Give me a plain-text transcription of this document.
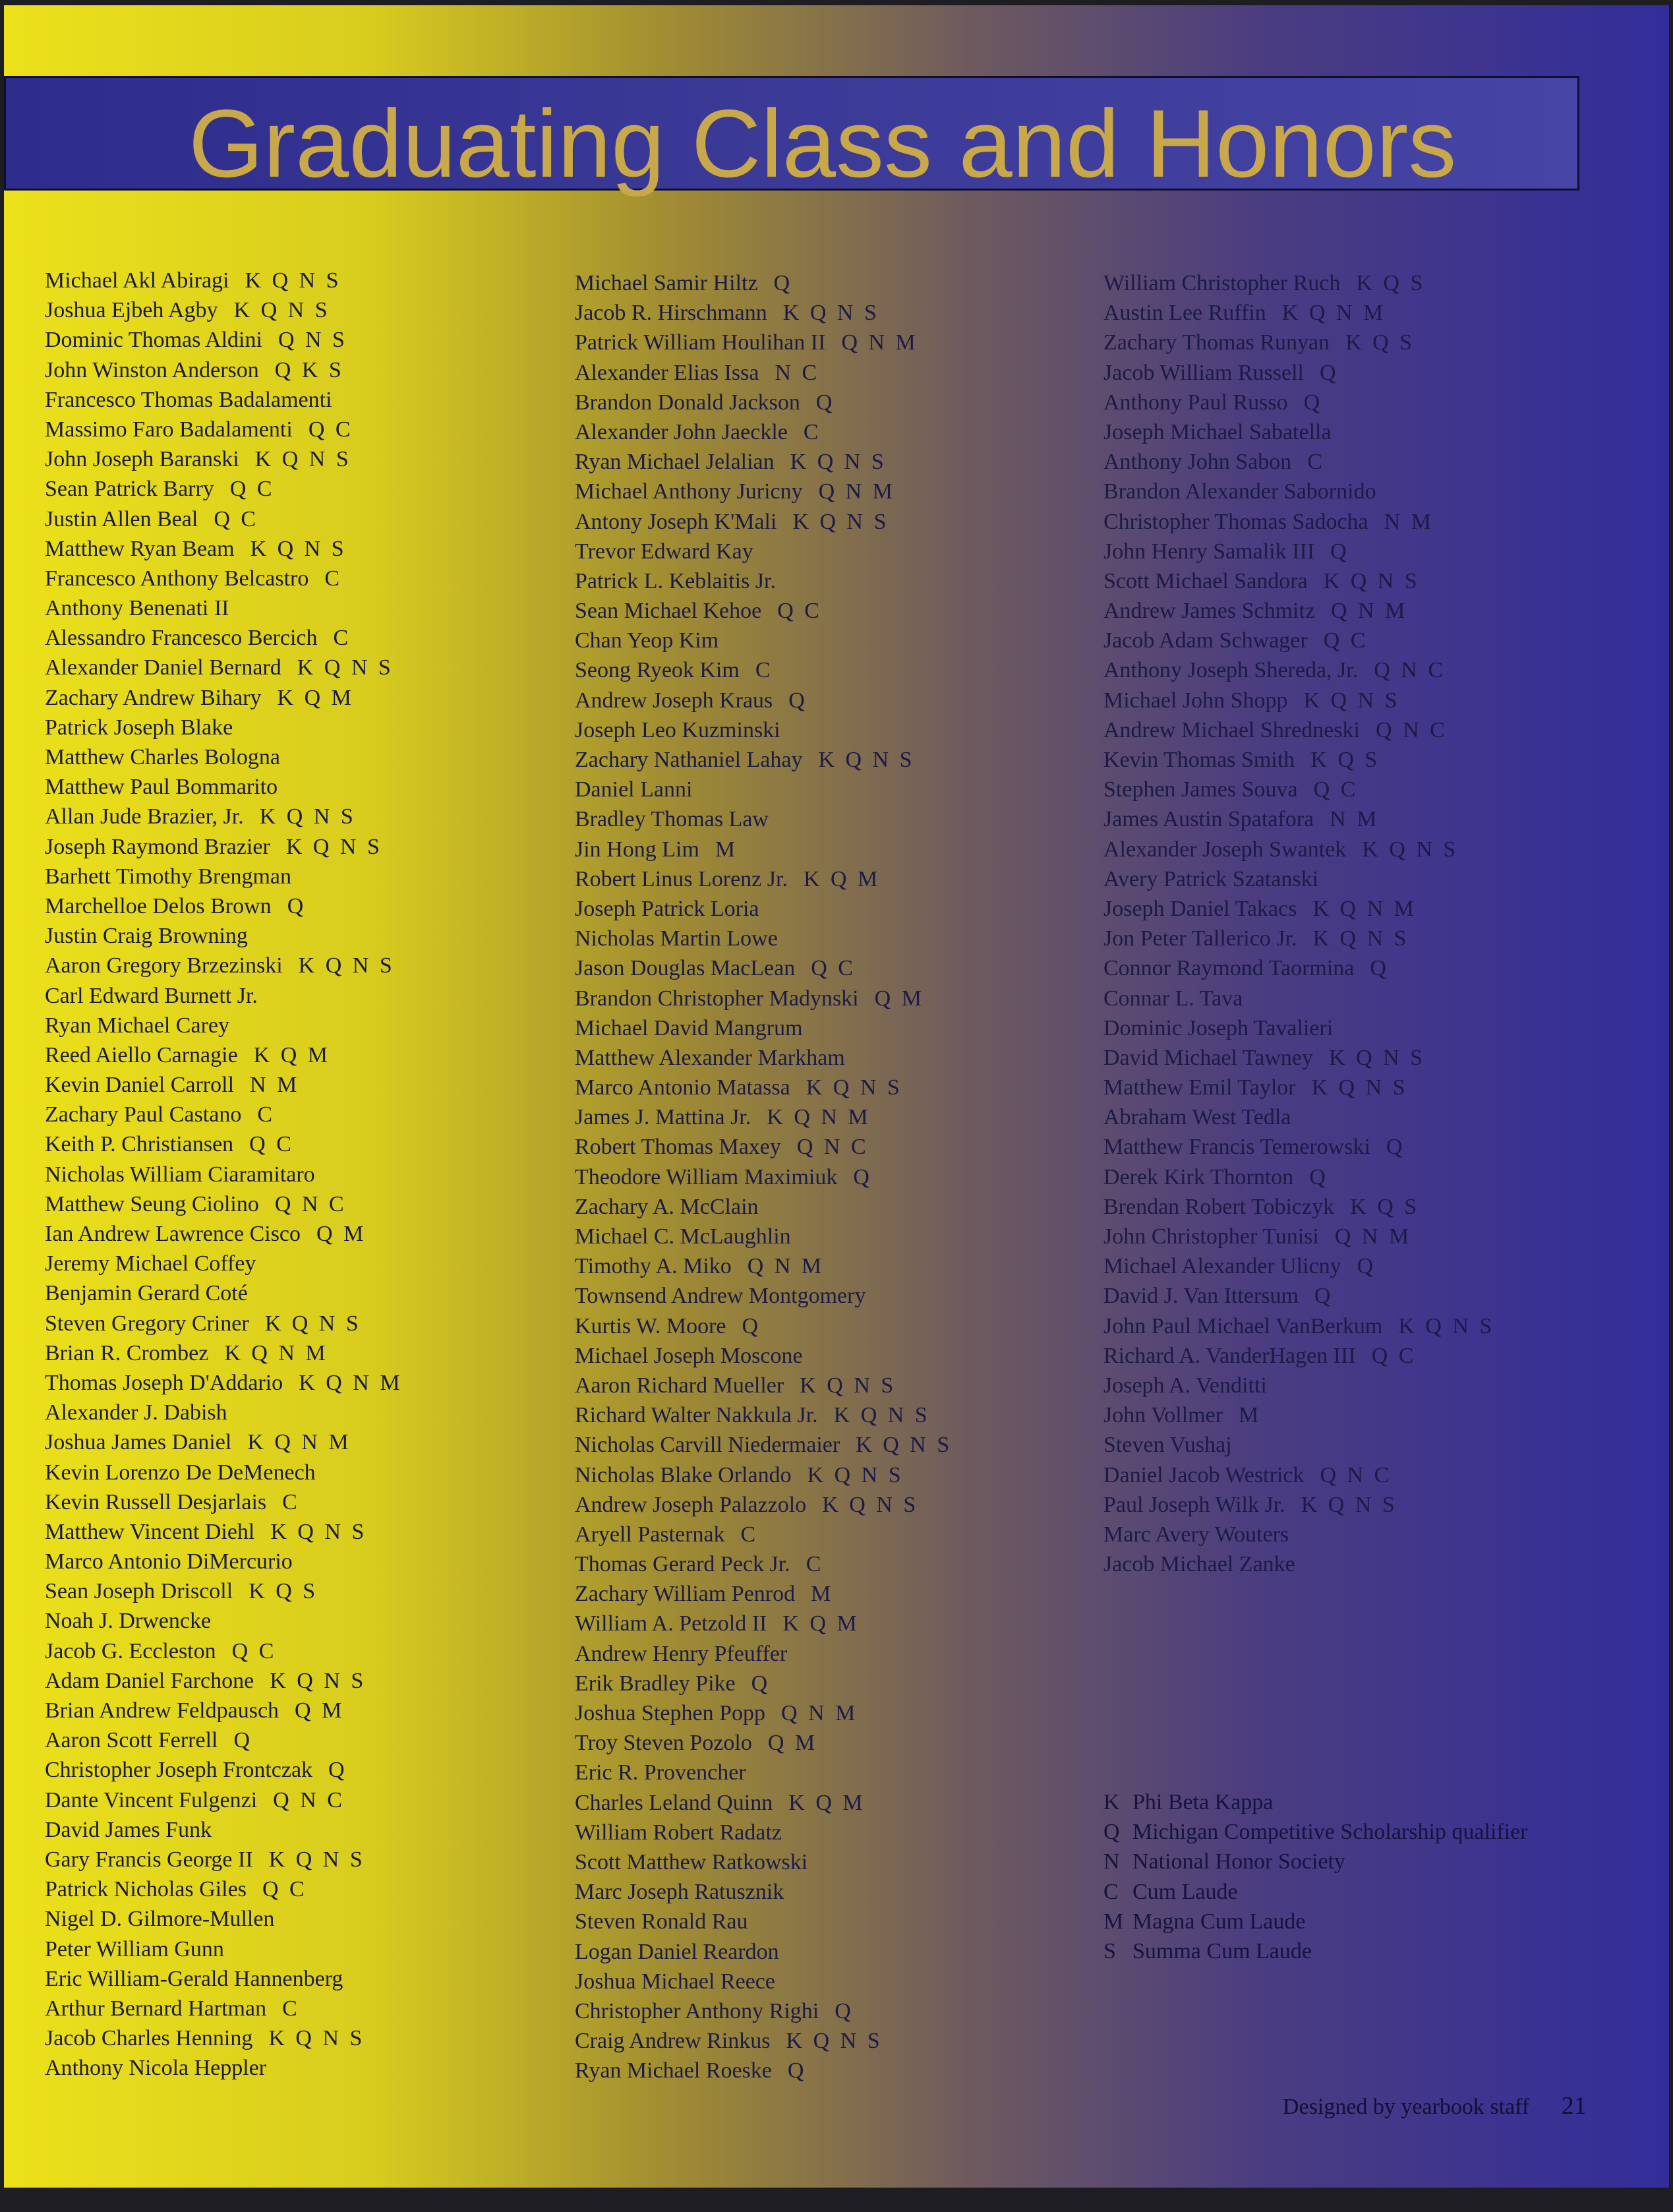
Graduating Class and Honors
Michael Akl Abiragi K Q N S
Joshua Ejbeh Agby K Q N S
Dominic Thomas Aldini Q N S
John Winston Anderson Q K S
Francesco Thomas Badalamenti
Massimo Faro Badalamenti Q C
John Joseph Baranski K Q N S
Sean Patrick Barry Q C
Justin Allen Beal Q C
Matthew Ryan Beam K Q N S
Francesco Anthony Belcastro C
Anthony Benenati II
Alessandro Francesco Bercich C
Alexander Daniel Bernard K Q N S
Zachary Andrew Bihary K Q M
Patrick Joseph Blake
Matthew Charles Bologna
Matthew Paul Bommarito
Allan Jude Brazier, Jr. K Q N S
Joseph Raymond Brazier K Q N S
Barhett Timothy Brengman
Marchelloe Delos Brown Q
Justin Craig Browning
Aaron Gregory Brzezinski K Q N S
Carl Edward Burnett Jr.
Ryan Michael Carey
Reed Aiello Carnagie K Q M
Kevin Daniel Carroll N M
Zachary Paul Castano C
Keith P. Christiansen Q C
Nicholas William Ciaramitaro
Matthew Seung Ciolino Q N C
Ian Andrew Lawrence Cisco Q M
Jeremy Michael Coffey
Benjamin Gerard Coté
Steven Gregory Criner K Q N S
Brian R. Crombez K Q N M
Thomas Joseph D'Addario K Q N M
Alexander J. Dabish
Joshua James Daniel K Q N M
Kevin Lorenzo De DeMenech
Kevin Russell Desjarlais C
Matthew Vincent Diehl K Q N S
Marco Antonio DiMercurio
Sean Joseph Driscoll K Q S
Noah J. Drwencke
Jacob G. Eccleston Q C
Adam Daniel Farchone K Q N S
Brian Andrew Feldpausch Q M
Aaron Scott Ferrell Q
Christopher Joseph Frontczak Q
Dante Vincent Fulgenzi Q N C
David James Funk
Gary Francis George II K Q N S
Patrick Nicholas Giles Q C
Nigel D. Gilmore-Mullen
Peter William Gunn
Eric William-Gerald Hannenberg
Arthur Bernard Hartman C
Jacob Charles Henning K Q N S
Anthony Nicola Heppler
Michael Samir Hiltz Q
Jacob R. Hirschmann K Q N S
Patrick William Houlihan II Q N M
Alexander Elias Issa N C
Brandon Donald Jackson Q
Alexander John Jaeckle C
Ryan Michael Jelalian K Q N S
Michael Anthony Juricny Q N M
Antony Joseph K'Mali K Q N S
Trevor Edward Kay
Patrick L. Keblaitis Jr.
Sean Michael Kehoe Q C
Chan Yeop Kim
Seong Ryeok Kim C
Andrew Joseph Kraus Q
Joseph Leo Kuzminski
Zachary Nathaniel Lahay K Q N S
Daniel Lanni
Bradley Thomas Law
Jin Hong Lim M
Robert Linus Lorenz Jr. K Q M
Joseph Patrick Loria
Nicholas Martin Lowe
Jason Douglas MacLean Q C
Brandon Christopher Madynski Q M
Michael David Mangrum
Matthew Alexander Markham
Marco Antonio Matassa K Q N S
James J. Mattina Jr. K Q N M
Robert Thomas Maxey Q N C
Theodore William Maximiuk Q
Zachary A. McClain
Michael C. McLaughlin
Timothy A. Miko Q N M
Townsend Andrew Montgomery
Kurtis W. Moore Q
Michael Joseph Moscone
Aaron Richard Mueller K Q N S
Richard Walter Nakkula Jr. K Q N S
Nicholas Carvill Niedermaier K Q N S
Nicholas Blake Orlando K Q N S
Andrew Joseph Palazzolo K Q N S
Aryell Pasternak C
Thomas Gerard Peck Jr. C
Zachary William Penrod M
William A. Petzold II K Q M
Andrew Henry Pfeuffer
Erik Bradley Pike Q
Joshua Stephen Popp Q N M
Troy Steven Pozolo Q M
Eric R. Provencher
Charles Leland Quinn K Q M
William Robert Radatz
Scott Matthew Ratkowski
Marc Joseph Ratusznik
Steven Ronald Rau
Logan Daniel Reardon
Joshua Michael Reece
Christopher Anthony Righi Q
Craig Andrew Rinkus K Q N S
Ryan Michael Roeske Q
William Christopher Ruch K Q S
Austin Lee Ruffin K Q N M
Zachary Thomas Runyan K Q S
Jacob William Russell Q
Anthony Paul Russo Q
Joseph Michael Sabatella
Anthony John Sabon C
Brandon Alexander Sabornido
Christopher Thomas Sadocha N M
John Henry Samalik III Q
Scott Michael Sandora K Q N S
Andrew James Schmitz Q N M
Jacob Adam Schwager Q C
Anthony Joseph Shereda, Jr. Q N C
Michael John Shopp K Q N S
Andrew Michael Shredneski Q N C
Kevin Thomas Smith K Q S
Stephen James Souva Q C
James Austin Spatafora N M
Alexander Joseph Swantek K Q N S
Avery Patrick Szatanski
Joseph Daniel Takacs K Q N M
Jon Peter Tallerico Jr. K Q N S
Connor Raymond Taormina Q
Connar L. Tava
Dominic Joseph Tavalieri
David Michael Tawney K Q N S
Matthew Emil Taylor K Q N S
Abraham West Tedla
Matthew Francis Temerowski Q
Derek Kirk Thornton Q
Brendan Robert Tobiczyk K Q S
John Christopher Tunisi Q N M
Michael Alexander Ulicny Q
David J. Van Ittersum Q
John Paul Michael VanBerkum K Q N S
Richard A. VanderHagen III Q C
Joseph A. Venditti
John Vollmer M
Steven Vushaj
Daniel Jacob Westrick Q N C
Paul Joseph Wilk Jr. K Q N S
Marc Avery Wouters
Jacob Michael Zanke
K Phi Beta Kappa
Q Michigan Competitive Scholarship qualifier
N National Honor Society
C Cum Laude
M Magna Cum Laude
S Summa Cum Laude
Designed by yearbook staff 21
